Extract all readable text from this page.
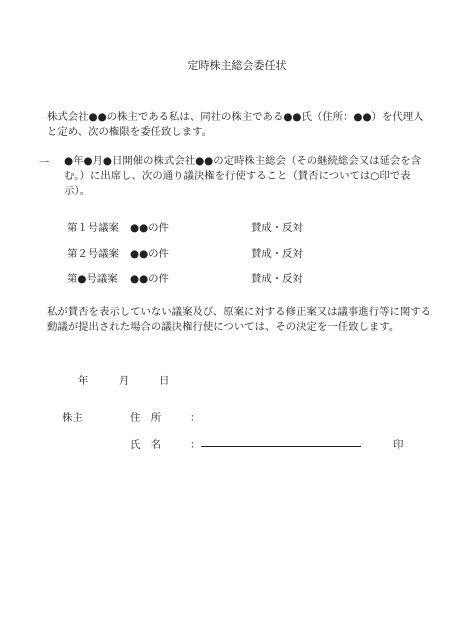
定時株主総会委任状
株式会社●●の株主である私は、同社の株主である●●氏（住所：●●）を代理人と定め、次の権限を委任致します。
一 ●年●月●日開催の株式会社●●の定時株主総会（その継続総会又は延会を含む。）に出席し、次の通り議決権を行使すること（賛否については○印で表示）。
第１号議案 ●●の件	賛成・反対
第２号議案 ●●の件	賛成・反対
第●号議案 ●●の件	賛成・反対
私が賛否を表示していない議案及び、原案に対する修正案又は議事進行等に関する動議が提出された場合の議決権行使については、その決定を一任致します。
年	月	日
株主	住　所	：
氏　名	：	印
